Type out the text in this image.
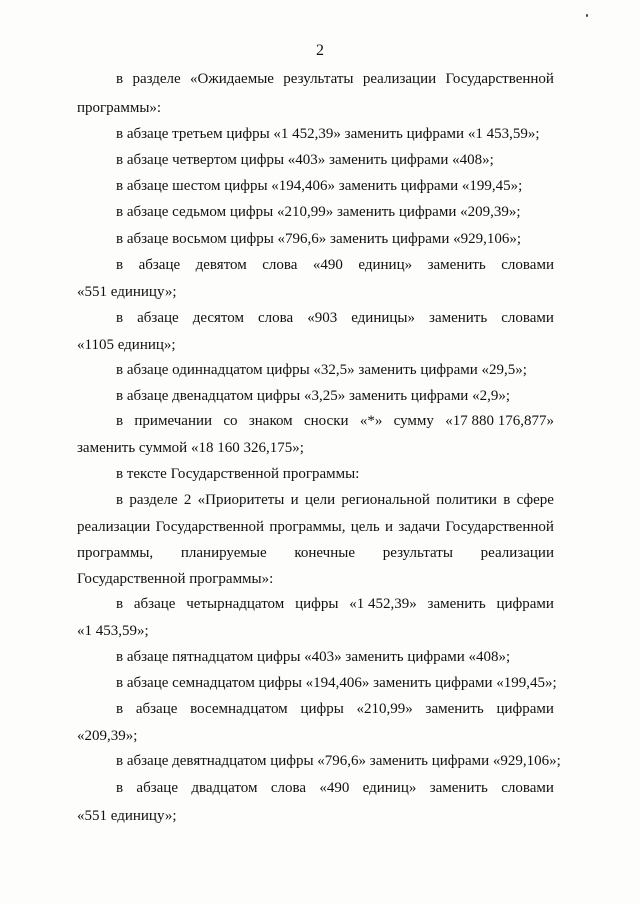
2
в разделе «Ожидаемые результаты реализации Государственной
программы»:
в абзаце третьем цифры «1 452,39» заменить цифрами «1 453,59»;
в абзаце четвертом цифры «403» заменить цифрами «408»;
в абзаце шестом цифры «194,406» заменить цифрами «199,45»;
в абзаце седьмом цифры «210,99» заменить цифрами «209,39»;
в абзаце восьмом цифры «796,6» заменить цифрами «929,106»;
в абзаце девятом слова «490 единиц» заменить словами
«551 единицу»;
в абзаце десятом слова «903 единицы» заменить словами
«1105 единиц»;
в абзаце одиннадцатом цифры «32,5» заменить цифрами «29,5»;
в абзаце двенадцатом цифры «3,25» заменить цифрами «2,9»;
в примечании со знаком сноски «*» сумму «17 880 176,877»
заменить суммой «18 160 326,175»;
в тексте Государственной программы:
в разделе 2 «Приоритеты и цели региональной политики в сфере
реализации Государственной программы, цель и задачи Государственной
программы, планируемые конечные результаты реализации
Государственной программы»:
в абзаце четырнадцатом цифры «1 452,39» заменить цифрами
«1 453,59»;
в абзаце пятнадцатом цифры «403» заменить цифрами «408»;
в абзаце семнадцатом цифры «194,406» заменить цифрами «199,45»;
в абзаце восемнадцатом цифры «210,99» заменить цифрами
«209,39»;
в абзаце девятнадцатом цифры «796,6» заменить цифрами «929,106»;
в абзаце двадцатом слова «490 единиц» заменить словами
«551 единицу»;
